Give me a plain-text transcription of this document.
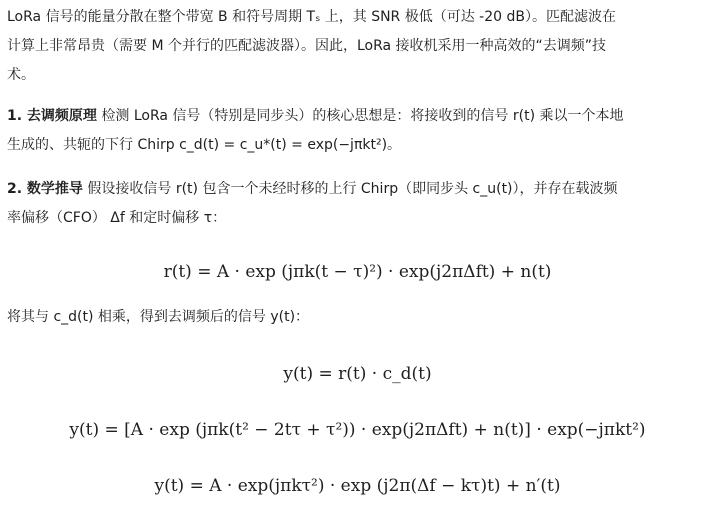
LoRa 信号的能量分散在整个带宽 B 和符号周期 Tₛ 上，其 SNR 极低（可达 -20 dB）。匹配滤波在
计算上非常昂贵（需要 M 个并行的匹配滤波器）。因此，LoRa 接收机采用一种高效的“去调频”技
术。
1. 去调频原理 检测 LoRa 信号（特别是同步头）的核心思想是：将接收到的信号 r(t) 乘以一个本地
生成的、共轭的下行 Chirp c_d(t) = c_u*(t) = exp(−jπkt²)。
2. 数学推导 假设接收信号 r(t) 包含一个未经时移的上行 Chirp（即同步头 c_u(t)），并存在载波频
率偏移（CFO） Δf 和定时偏移 τ：
r(t) = A · exp (jπk(t − τ)²) · exp(j2πΔft) + n(t)
将其与 c_d(t) 相乘，得到去调频后的信号 y(t)：
y(t) = r(t) · c_d(t)
y(t) = [A · exp (jπk(t² − 2tτ + τ²)) · exp(j2πΔft) + n(t)] · exp(−jπkt²)
y(t) = A · exp(jπkτ²) · exp (j2π(Δf − kτ)t) + n′(t)
